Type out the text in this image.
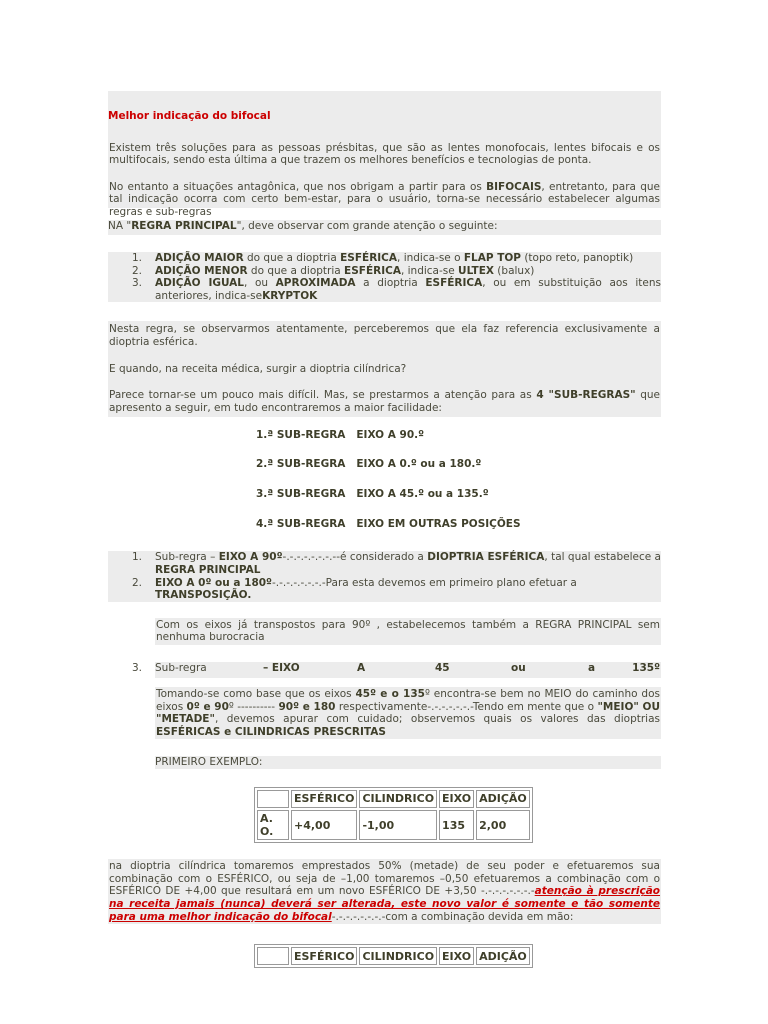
Melhor indicação do bifocal

Existem três soluções para as pessoas présbitas, que são as lentes monofocais, lentes bifocais e os multifocais, sendo esta última a que trazem os melhores benefícios e tecnologias de ponta.

No entanto a situações antagônica, que nos obrigam a partir para os BIFOCAIS, entretanto, para que tal indicação ocorra com certo bem-estar, para o usuário, torna-se necessário estabelecer algumas regras e sub-regras

NA "REGRA PRINCIPAL", deve observar com grande atenção o seguinte:

1. ADIÇÃO MAIOR do que a dioptria ESFÉRICA, indica-se o FLAP TOP (topo reto, panoptik)
2. ADIÇÃO MENOR do que a dioptria ESFÉRICA, indica-se ULTEX (balux)
3. ADIÇÃO IGUAL, ou APROXIMADA a dioptria ESFÉRICA, ou em substituição aos itens anteriores, indica-seKRYPTOK

Nesta regra, se observarmos atentamente, perceberemos que ela faz referencia exclusivamente a dioptria esférica.

E quando, na receita médica, surgir a dioptria cilíndrica?

Parece tornar-se um pouco mais difícil. Mas, se prestarmos a atenção para as 4 "SUB-REGRAS" que apresento a seguir, em tudo encontraremos a maior facilidade:

1.ª SUB-REGRA   EIXO A 90.º

2.ª SUB-REGRA   EIXO A 0.º ou a 180.º

3.ª SUB-REGRA   EIXO A 45.º ou a 135.º

4.ª SUB-REGRA   EIXO EM OUTRAS POSIÇÕES

1. Sub-regra – EIXO A 90º-.-.-.-.-.-.-.--é considerado a DIOPTRIA ESFÉRICA, tal qual estabelece a REGRA PRINCIPAL
2. EIXO A 0º ou a 180º-.-.-.-.-.-.-.-Para esta devemos em primeiro plano efetuar a TRANSPOSIÇÃO.

Com os eixos já transpostos para 90º , estabelecemos também a REGRA PRINCIPAL sem nenhuma burocracia

3. Sub-regra	– EIXO	A	45	ou	a	135º

Tomando-se como base que os eixos 45º e o 135º encontra-se bem no MEIO do caminho dos eixos 0º e 90º ---------- 90º e 180 respectivamente-.-.-.-.-.-.-Tendo em mente que o "MEIO" OU "METADE", devemos apurar com cuidado; observemos quais os valores das dioptrias ESFÉRICAS e CILINDRICAS PRESCRITAS

PRIMEIRO EXEMPLO:

	ESFÉRICO	CILINDRICO	EIXO	ADIÇÃO
A. O.	+4,00	-1,00	135	2,00

na dioptria cilíndrica tomaremos emprestados 50% (metade) de seu poder e efetuaremos sua combinação com o ESFÉRICO, ou seja de –1,00 tomaremos –0,50 efetuaremos a combinação com o ESFÉRICO DE +4,00 que resultará em um novo ESFÉRICO DE +3,50 -.-.-.-.-.-.-.-atenção à prescrição na receita jamais (nunca) deverá ser alterada, este novo valor é somente e tão somente para uma melhor indicação do bifocal-.-.-.-.-.-.-.-com a combinação devida em mão:

	ESFÉRICO	CILINDRICO	EIXO	ADIÇÃO
